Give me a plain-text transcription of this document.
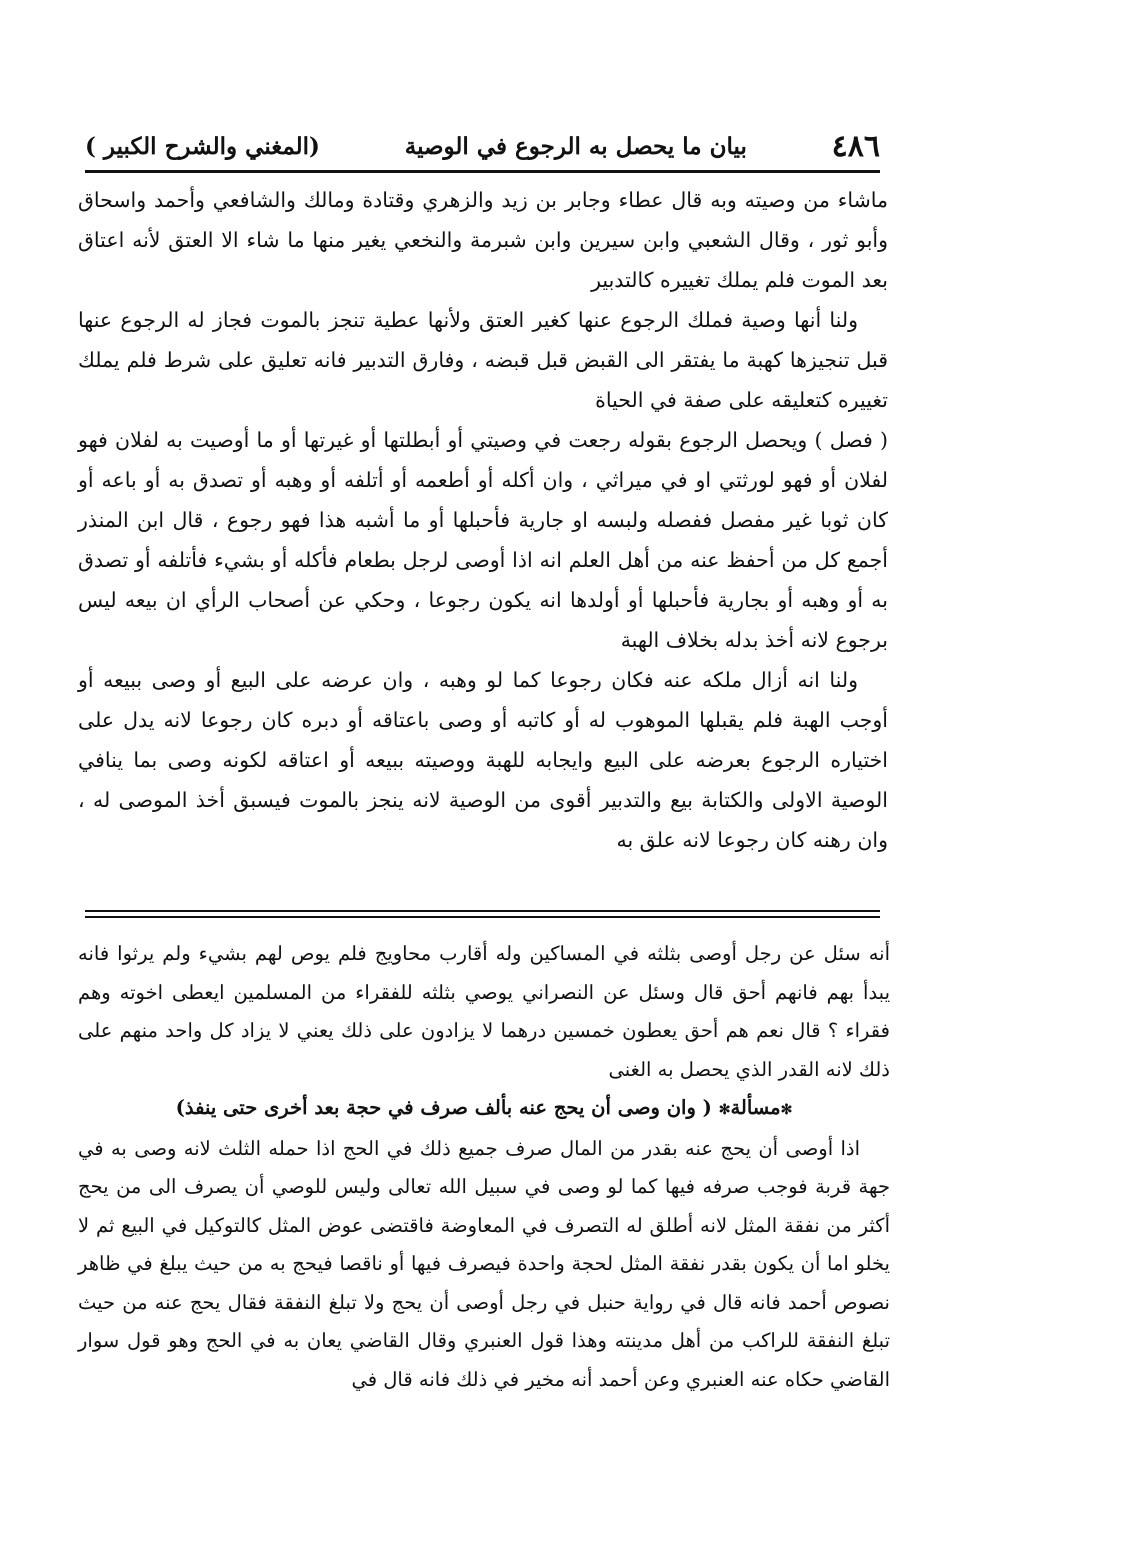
٤٨٦
بيان ما يحصل به الرجوع في الوصية
(المغني والشرح الكبير )

ماشاء من وصيته وبه قال عطاء وجابر بن زيد والزهري وقتادة ومالك والشافعي وأحمد واسحاق وأبو ثور ، وقال الشعبي وابن سيرين وابن شبرمة والنخعي يغير منها ما شاء الا العتق لأنه اعتاق بعد الموت فلم يملك تغييره كالتدبير

ولنا أنها وصية فملك الرجوع عنها كغير العتق ولأنها عطية تنجز بالموت فجاز له الرجوع عنها قبل تنجيزها كهبة ما يفتقر الى القبض قبل قبضه ، وفارق التدبير فانه تعليق على شرط فلم يملك تغييره كتعليقه على صفة في الحياة

( فصل ) ويحصل الرجوع بقوله رجعت في وصيتي أو أبطلتها أو غيرتها أو ما أوصيت به لفلان فهو لفلان أو فهو لورثتي او في ميراثي ، وان أكله أو أطعمه أو أتلفه أو وهبه أو تصدق به أو باعه أو كان ثوبا غير مفصل ففصله ولبسه او جارية فأحبلها أو ما أشبه هذا فهو رجوع ، قال ابن المنذر أجمع كل من أحفظ عنه من أهل العلم انه اذا أوصى لرجل بطعام فأكله أو بشيء فأتلفه أو تصدق به أو وهبه أو بجارية فأحبلها أو أولدها انه يكون رجوعا ، وحكي عن أصحاب الرأي ان بيعه ليس برجوع لانه أخذ بدله بخلاف الهبة

ولنا انه أزال ملكه عنه فكان رجوعا كما لو وهبه ، وان عرضه على البيع أو وصى ببيعه أو أوجب الهبة فلم يقبلها الموهوب له أو كاتبه أو وصى باعتاقه أو دبره كان رجوعا لانه يدل على اختياره الرجوع بعرضه على البيع وايجابه للهبة ووصيته ببيعه أو اعتاقه لكونه وصى بما ينافي الوصية الاولى والكتابة بيع والتدبير أقوى من الوصية لانه ينجز بالموت فيسبق أخذ الموصى له ، وان رهنه كان رجوعا لانه علق به

أنه سئل عن رجل أوصى بثلثه في المساكين وله أقارب محاويج فلم يوص لهم بشيء ولم يرثوا فانه يبدأ بهم فانهم أحق قال وسئل عن النصراني يوصي بثلثه للفقراء من المسلمين ايعطى اخوته وهم فقراء ؟ قال نعم هم أحق يعطون خمسين درهما لا يزادون على ذلك يعني لا يزاد كل واحد منهم على ذلك لانه القدر الذي يحصل به الغنى

✻مسألة✻ ( وان وصى أن يحج عنه بألف صرف في حجة بعد أخرى حتى ينفذ)

اذا أوصى أن يحج عنه بقدر من المال صرف جميع ذلك في الحج اذا حمله الثلث لانه وصى به في جهة قربة فوجب صرفه فيها كما لو وصى في سبيل الله تعالى وليس للوصي أن يصرف الى من يحج أكثر من نفقة المثل لانه أطلق له التصرف في المعاوضة فاقتضى عوض المثل كالتوكيل في البيع ثم لا يخلو اما أن يكون بقدر نفقة المثل لحجة واحدة فيصرف فيها أو ناقصا فيحج به من حيث يبلغ في ظاهر نصوص أحمد فانه قال في رواية حنبل في رجل أوصى أن يحج ولا تبلغ النفقة فقال يحج عنه من حيث تبلغ النفقة للراكب من أهل مدينته وهذا قول العنبري وقال القاضي يعان به في الحج وهو قول سوار القاضي حكاه عنه العنبري وعن أحمد أنه مخير في ذلك فانه قال في
